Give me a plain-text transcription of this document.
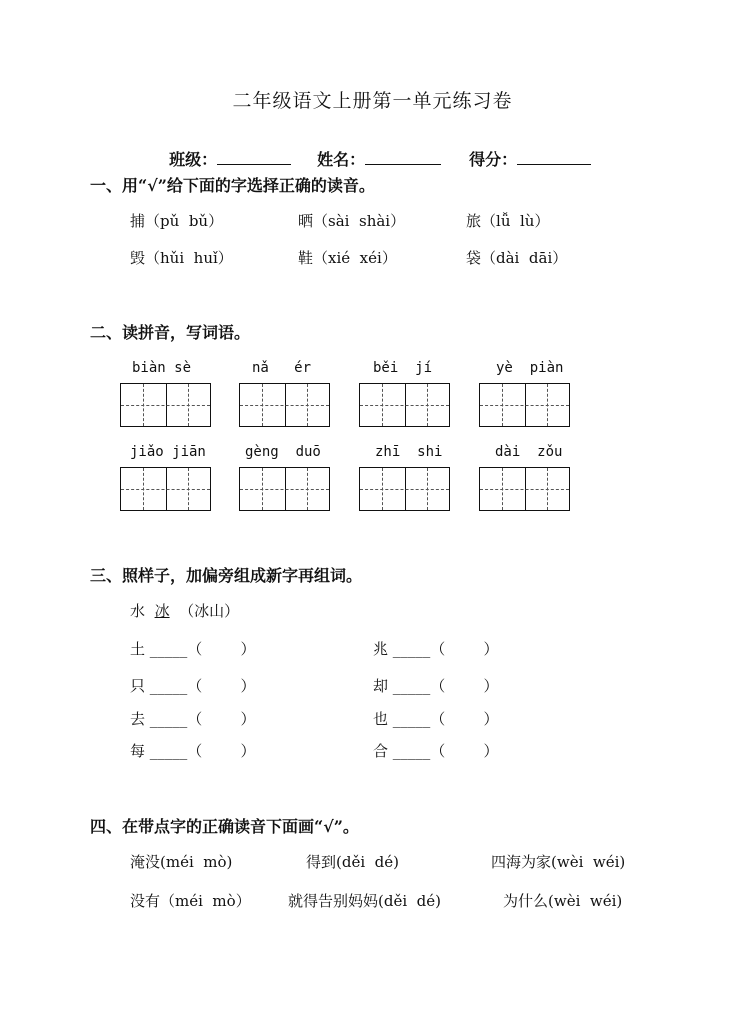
二年级语文上册第一单元练习卷

班级：	姓名：	得分：

一、用“√”给下面的字选择正确的读音。
捕（pǔ  bǔ）	晒（sài  shài）	旅（lǚ  lù）
毁（hǔi  huǐ）	鞋（xié  xéi）	袋（dài  dāi）
二、读拼音，写词语。
biàn sè	nǎ   ér	běi  jí	yè  piàn
jiǎo jiān	gèng  duō	zhī  shi	dài  zǒu
三、照样子，加偏旁组成新字再组词。
水 冰 （冰山）
土 _____（	）	兆 _____（	）
只 _____（	）	却 _____（	）
去 _____（	）	也 _____（	）
每 _____（	）	合 _____（	）
四、在带点字的正确读音下面画“√”。
淹没(méi  mò)	得到(děi  dé)	四海为家(wèi  wéi)
没有（méi  mò） 就得告别妈妈(děi  dé)	为什么(wèi  wéi)
